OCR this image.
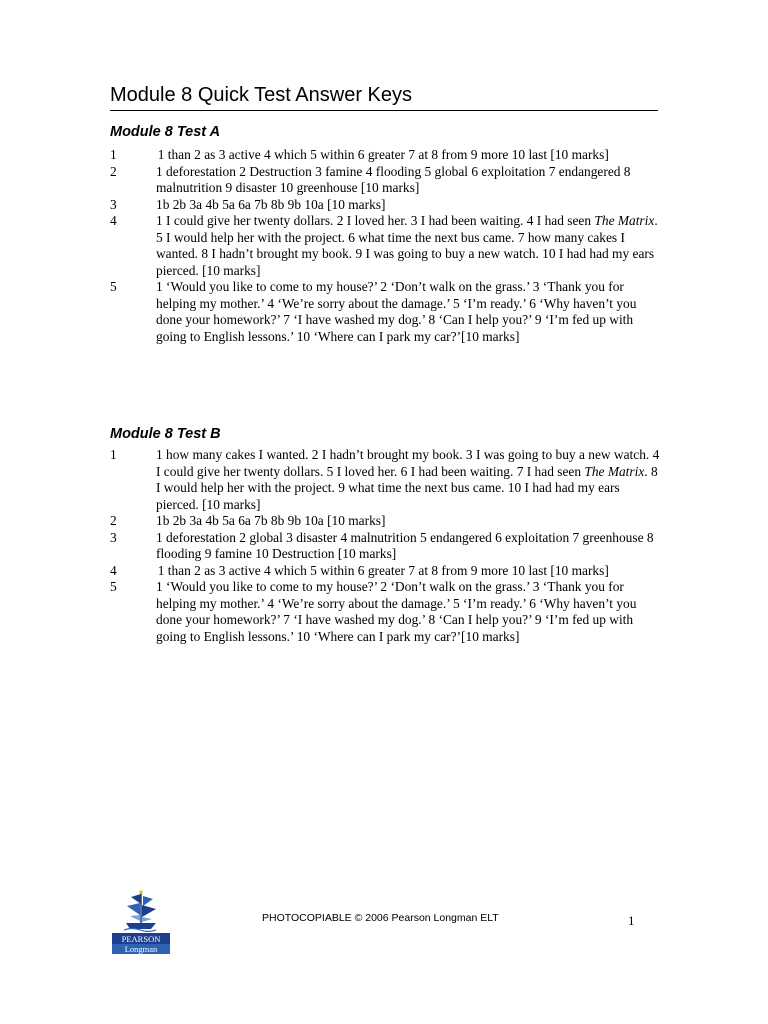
Module 8 Quick Test Answer Keys
Module 8 Test A
1	1 than 2 as 3 active 4 which 5 within 6 greater 7 at 8 from 9 more 10 last [10 marks]
2	1 deforestation 2 Destruction 3 famine 4 flooding 5 global 6 exploitation 7 endangered 8 malnutrition 9 disaster 10 greenhouse [10 marks]
3	1b 2b 3a 4b 5a 6a 7b 8b 9b 10a [10 marks]
4	1 I could give her twenty dollars. 2 I loved her. 3 I had been waiting. 4 I had seen The Matrix. 5 I would help her with the project. 6 what time the next bus came. 7 how many cakes I wanted. 8 I hadn’t brought my book. 9 I was going to buy a new watch. 10 I had had my ears pierced. [10 marks]
5	1 ‘Would you like to come to my house?’ 2 ‘Don’t walk on the grass.’ 3 ‘Thank you for helping my mother.’ 4 ‘We’re sorry about the damage.’ 5 ‘I’m ready.’ 6 ‘Why haven’t you done your homework?’ 7 ‘I have washed my dog.’ 8 ‘Can I help you?’ 9 ‘I’m fed up with going to English lessons.’ 10 ‘Where can I park my car?’[10 marks]
Module 8 Test B
1	1 how many cakes I wanted. 2 I hadn’t brought my book. 3 I was going to buy a new watch. 4 I could give her twenty dollars. 5 I loved her. 6 I had been waiting. 7 I had seen The Matrix. 8 I would help her with the project. 9 what time the next bus came. 10 I had had my ears pierced. [10 marks]
2	1b 2b 3a 4b 5a 6a 7b 8b 9b 10a [10 marks]
3	1 deforestation 2 global 3 disaster 4 malnutrition 5 endangered 6 exploitation 7 greenhouse 8 flooding 9 famine 10 Destruction [10 marks]
4	1 than 2 as 3 active 4 which 5 within 6 greater 7 at 8 from 9 more 10 last [10 marks]
5	1 ‘Would you like to come to my house?’ 2 ‘Don’t walk on the grass.’ 3 ‘Thank you for helping my mother.’ 4 ‘We’re sorry about the damage.’ 5 ‘I’m ready.’ 6 ‘Why haven’t you done your homework?’ 7 ‘I have washed my dog.’ 8 ‘Can I help you?’ 9 ‘I’m fed up with going to English lessons.’ 10 ‘Where can I park my car?’[10 marks]
PEARSON
Longman
PHOTOCOPIABLE © 2006 Pearson Longman ELT	1
